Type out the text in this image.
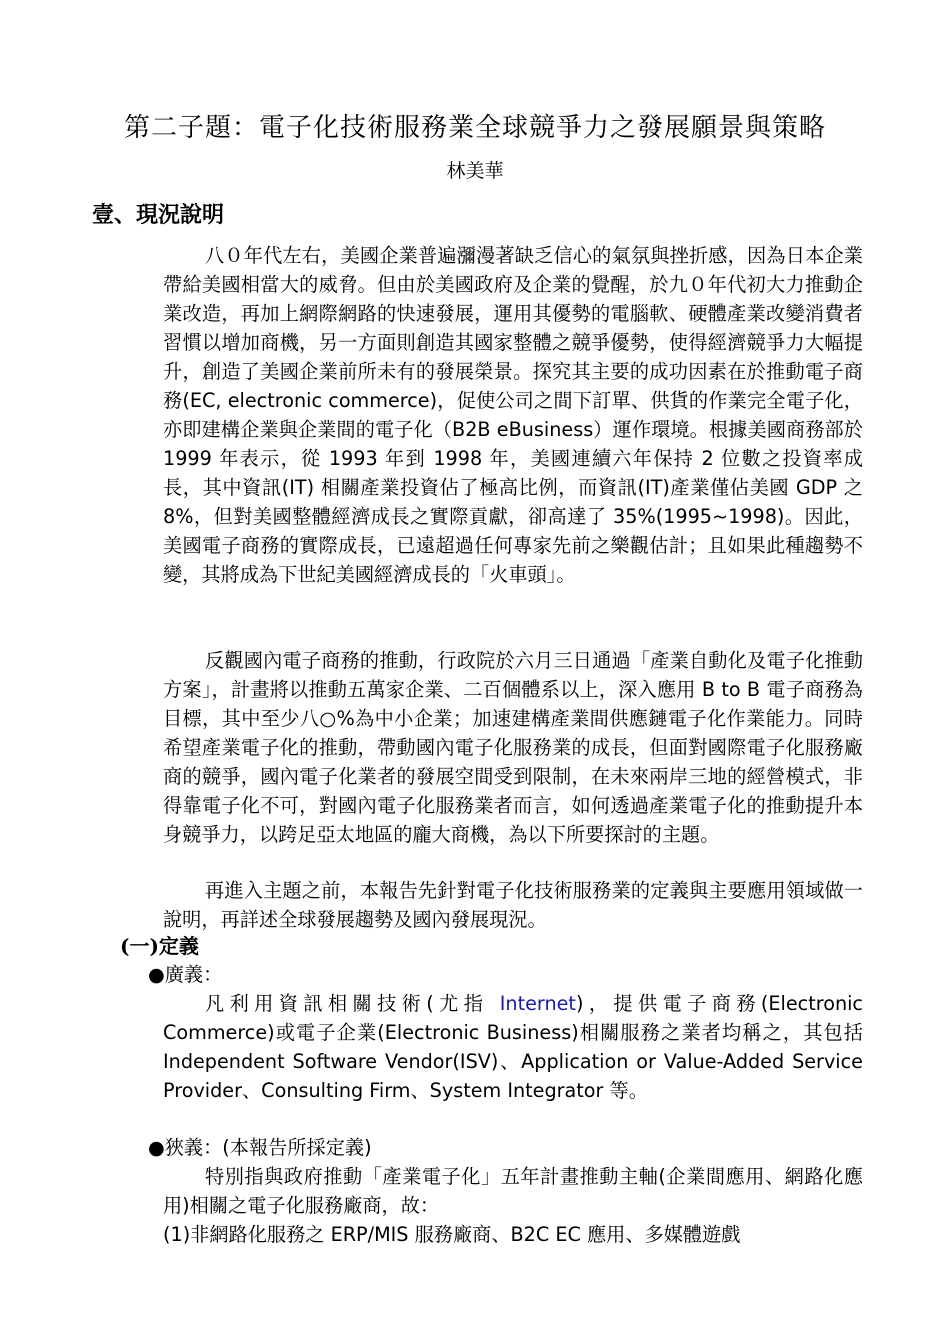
第二子題：電子化技術服務業全球競爭力之發展願景與策略
林美華
壹、現況說明

八０年代左右，美國企業普遍瀰漫著缺乏信心的氣氛與挫折感，因為日本企業帶給美國相當大的威脅。但由於美國政府及企業的覺醒，於九０年代初大力推動企業改造，再加上網際網路的快速發展，運用其優勢的電腦軟、硬體產業改變消費者習慣以增加商機，另一方面則創造其國家整體之競爭優勢，使得經濟競爭力大幅提升，創造了美國企業前所未有的發展榮景。探究其主要的成功因素在於推動電子商務(EC, electronic commerce)，促使公司之間下訂單、供貨的作業完全電子化，亦即建構企業與企業間的電子化（B2B eBusiness）運作環境。根據美國商務部於 1999 年表示，從 1993 年到 1998 年，美國連續六年保持 2 位數之投資率成長，其中資訊(IT) 相關產業投資佔了極高比例，而資訊(IT)產業僅佔美國 GDP 之 8%，但對美國整體經濟成長之實際貢獻，卻高達了 35%(1995~1998)。因此，美國電子商務的實際成長，已遠超過任何專家先前之樂觀估計；且如果此種趨勢不變，其將成為下世紀美國經濟成長的「火車頭」。

反觀國內電子商務的推動，行政院於六月三日通過「產業自動化及電子化推動方案」，計畫將以推動五萬家企業、二百個體系以上，深入應用 B to B 電子商務為目標，其中至少八○%為中小企業；加速建構產業間供應鏈電子化作業能力。同時希望產業電子化的推動，帶動國內電子化服務業的成長，但面對國際電子化服務廠商的競爭，國內電子化業者的發展空間受到限制，在未來兩岸三地的經營模式，非得靠電子化不可，對國內電子化服務業者而言，如何透過產業電子化的推動提升本身競爭力，以跨足亞太地區的龐大商機，為以下所要探討的主題。

再進入主題之前，本報告先針對電子化技術服務業的定義與主要應用領域做一說明，再詳述全球發展趨勢及國內發展現況。

(一)定義
●廣義：

凡利用資訊相關技術(尤指 Internet)，提供電子商務(Electronic Commerce)或電子企業(Electronic Business)相關服務之業者均稱之，其包括 Independent Software Vendor(ISV)、Application or Value-Added Service Provider、Consulting Firm、System Integrator 等。

●狹義：(本報告所採定義)

特別指與政府推動「產業電子化」五年計畫推動主軸(企業間應用、網路化應用)相關之電子化服務廠商，故：

(1)非網路化服務之 ERP/MIS 服務廠商、B2C EC 應用、多媒體遊戲
